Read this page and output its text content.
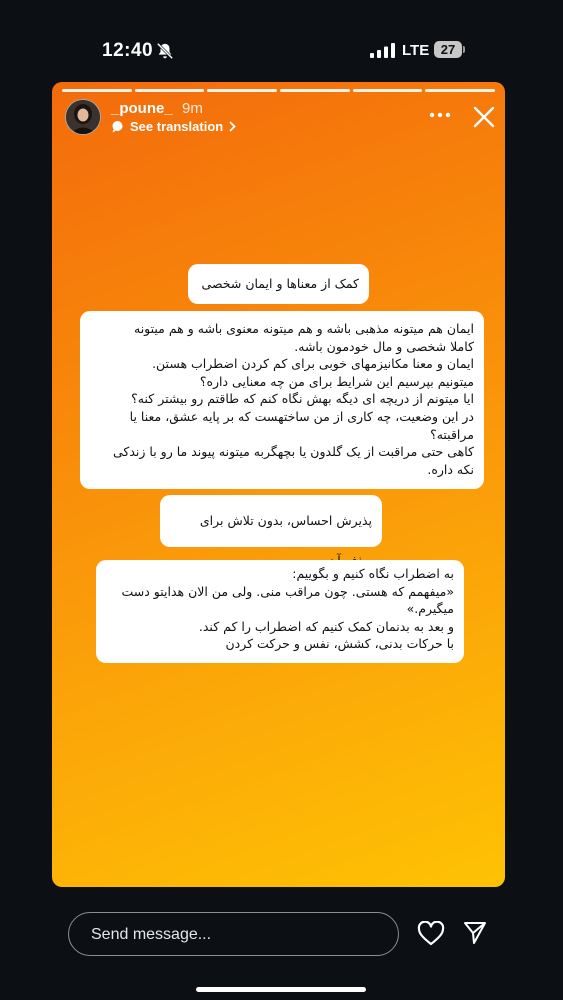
12:40	LTE 27
_poune_ 9m
See translation
کمک از معناها و ایمان شخصی
ایمان هم میتونه مذهبی باشه و هم میتونه معنوی باشه و هم میتونه
کاملا شخصی و مال خودمون باشه.
ایمان و معنا مکانیزمهای خوبی برای کم کردن اضطراب هستن.
میتونیم بپرسیم این شرایط برای من چه معنایی داره؟
ایا میتونم از دریچه ای دیگه بهش نگاه کنم که طاقتم رو بیشتر کنه؟
در این وضعیت، چه کاری از من ساختهست که بر پایه عشق، معنا یا
مراقبته؟
کاهی حتی مراقبت از یک گلدون یا بچهگربه میتونه پیوند ما رو با زندکی
نکه داره.
پذیرش احساس، بدون تلاش برای
به اضطراب نگاه کنیم و بگوییم:
«میفهمم که هستی. چون مراقب منی. ولی من الان هدایتو دست
میگیرم.»
و بعد به بدنمان کمک کنیم که اضطراب را کم کند.
با حرکات بدنی، کشش، نفس و حرکت کردن
Send message...
